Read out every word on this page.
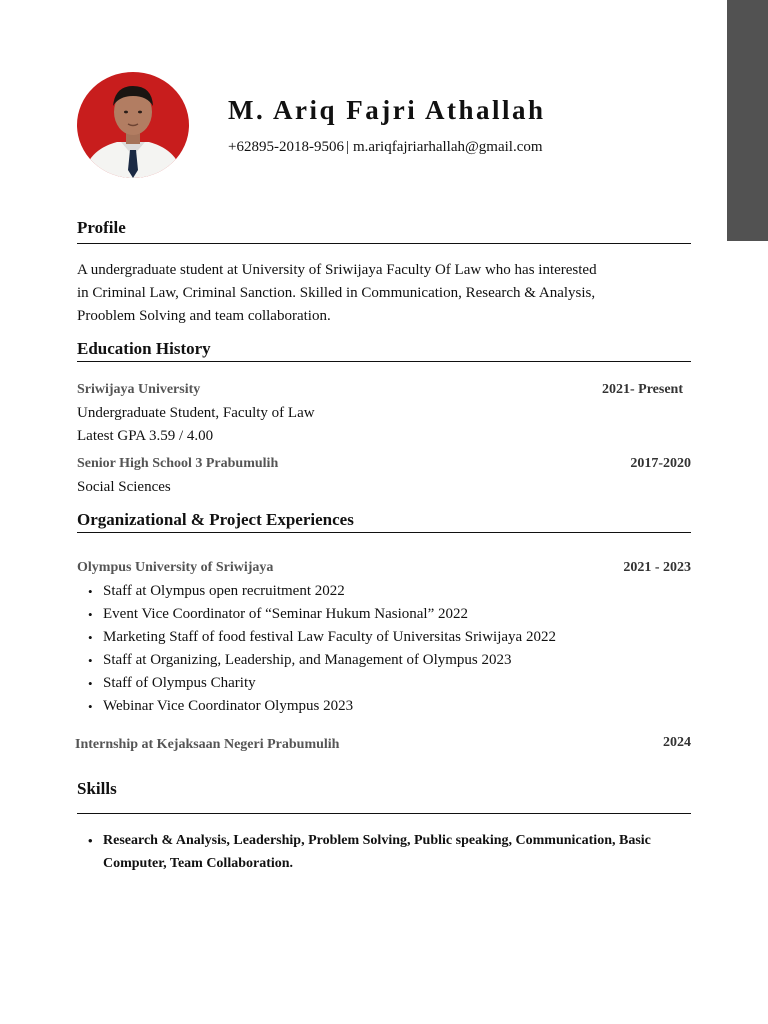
M. Ariq Fajri Athallah
+62895-2018-9506 | m.ariqfajriarhallah@gmail.com
Profile
A undergraduate student at University of Sriwijaya Faculty Of Law who has interested
in Criminal Law, Criminal Sanction. Skilled in Communication, Research & Analysis,
Prooblem Solving and team collaboration.
Education History
Sriwijaya University	2021- Present
Undergraduate Student, Faculty of Law
Latest GPA 3.59 / 4.00
Senior High School 3 Prabumulih	2017-2020
Social Sciences
Organizational & Project Experiences
Olympus University of Sriwijaya	2021 - 2023
• Staff at Olympus open recruitment 2022
• Event Vice Coordinator of “Seminar Hukum Nasional” 2022
• Marketing Staff of food festival Law Faculty of Universitas Sriwijaya 2022
• Staff at Organizing, Leadership, and Management of Olympus 2023
• Staff of Olympus Charity
• Webinar Vice Coordinator Olympus 2023
Internship at Kejaksaan Negeri Prabumulih	2024
Skills
• Research & Analysis, Leadership, Problem Solving, Public speaking, Communication, Basic Computer, Team Collaboration.
